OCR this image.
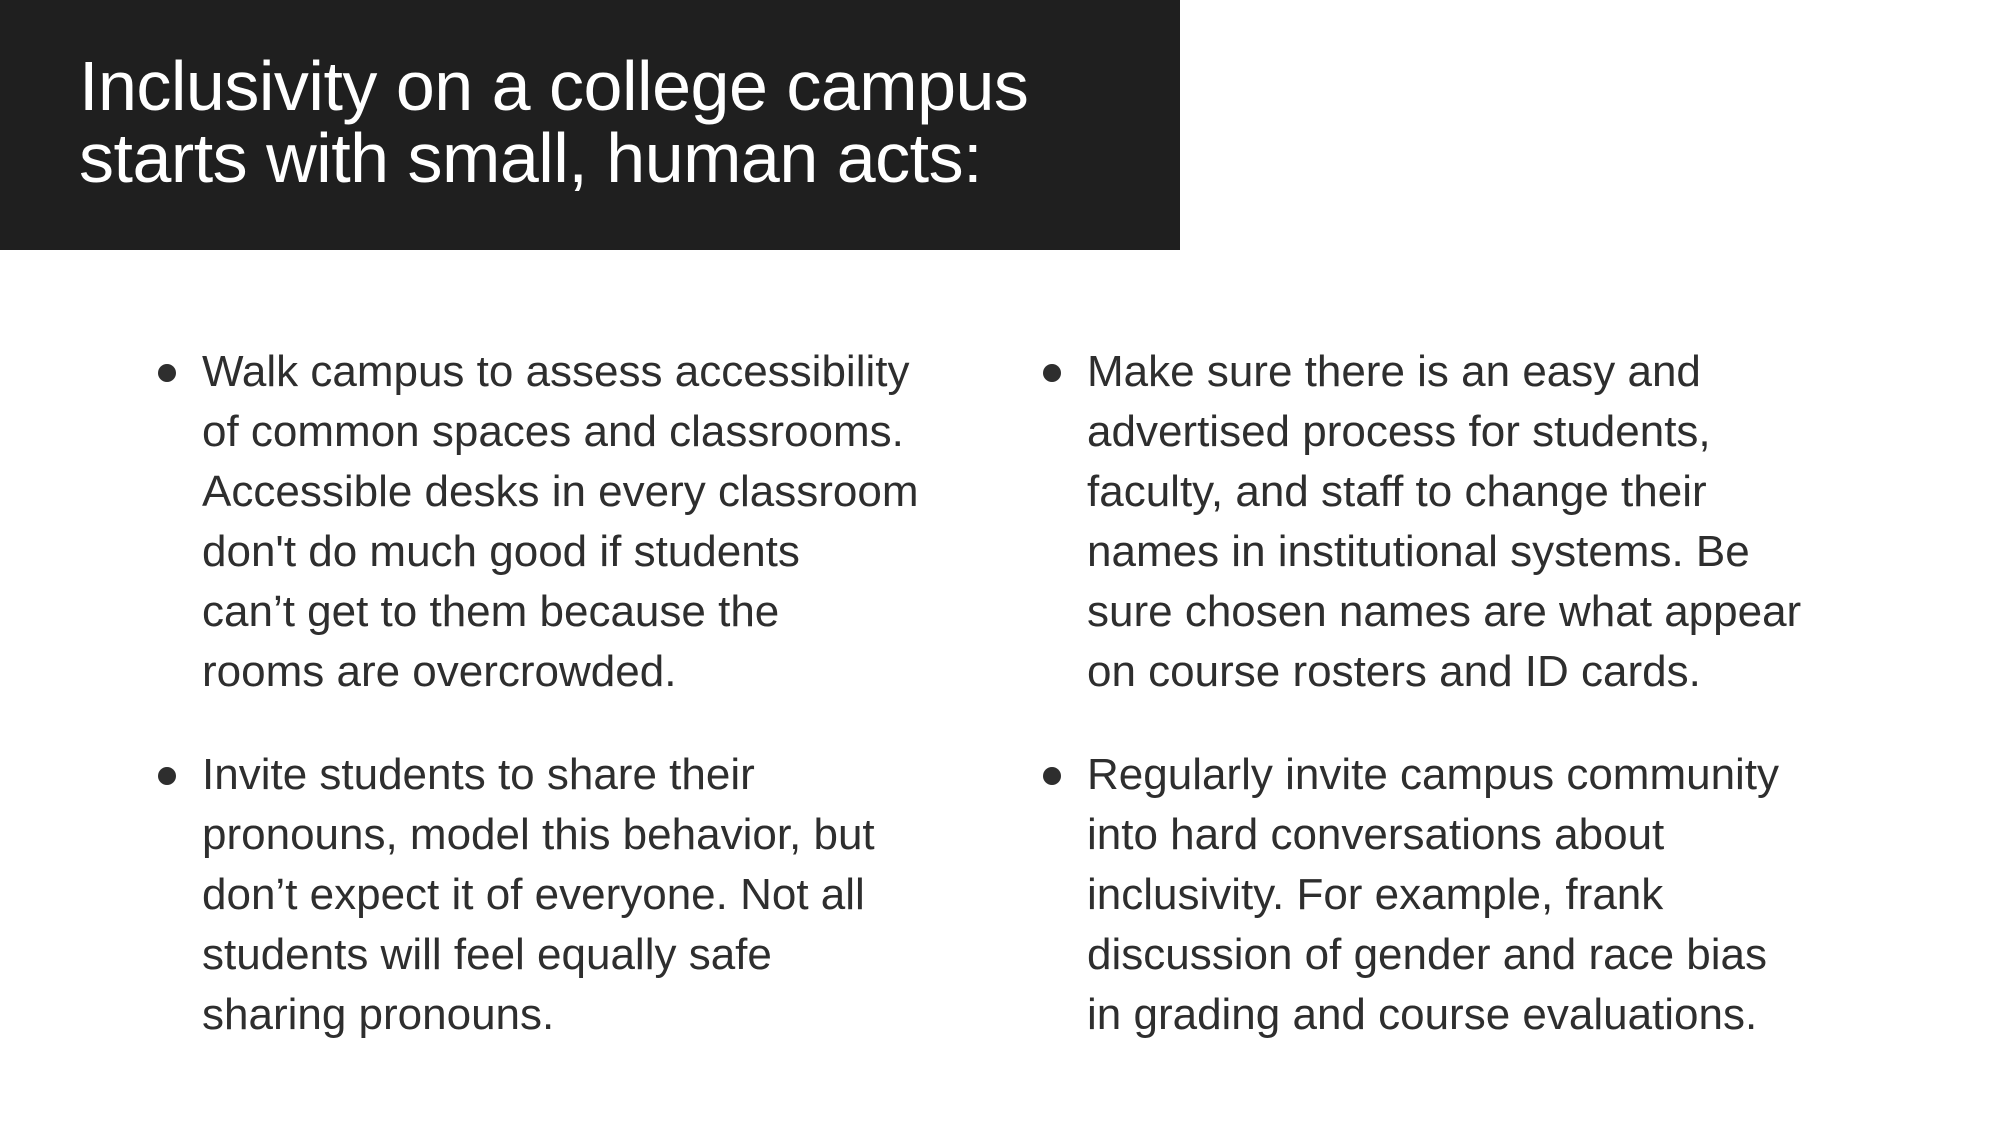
Inclusivity on a college campus
starts with small, human acts:
Walk campus to assess accessibility
of common spaces and classrooms.
Accessible desks in every classroom
don't do much good if students
can’t get to them because the
rooms are overcrowded.
Invite students to share their
pronouns, model this behavior, but
don’t expect it of everyone. Not all
students will feel equally safe
sharing pronouns.
Make sure there is an easy and
advertised process for students,
faculty, and staff to change their
names in institutional systems. Be
sure chosen names are what appear
on course rosters and ID cards.
Regularly invite campus community
into hard conversations about
inclusivity. For example, frank
discussion of gender and race bias
in grading and course evaluations.
